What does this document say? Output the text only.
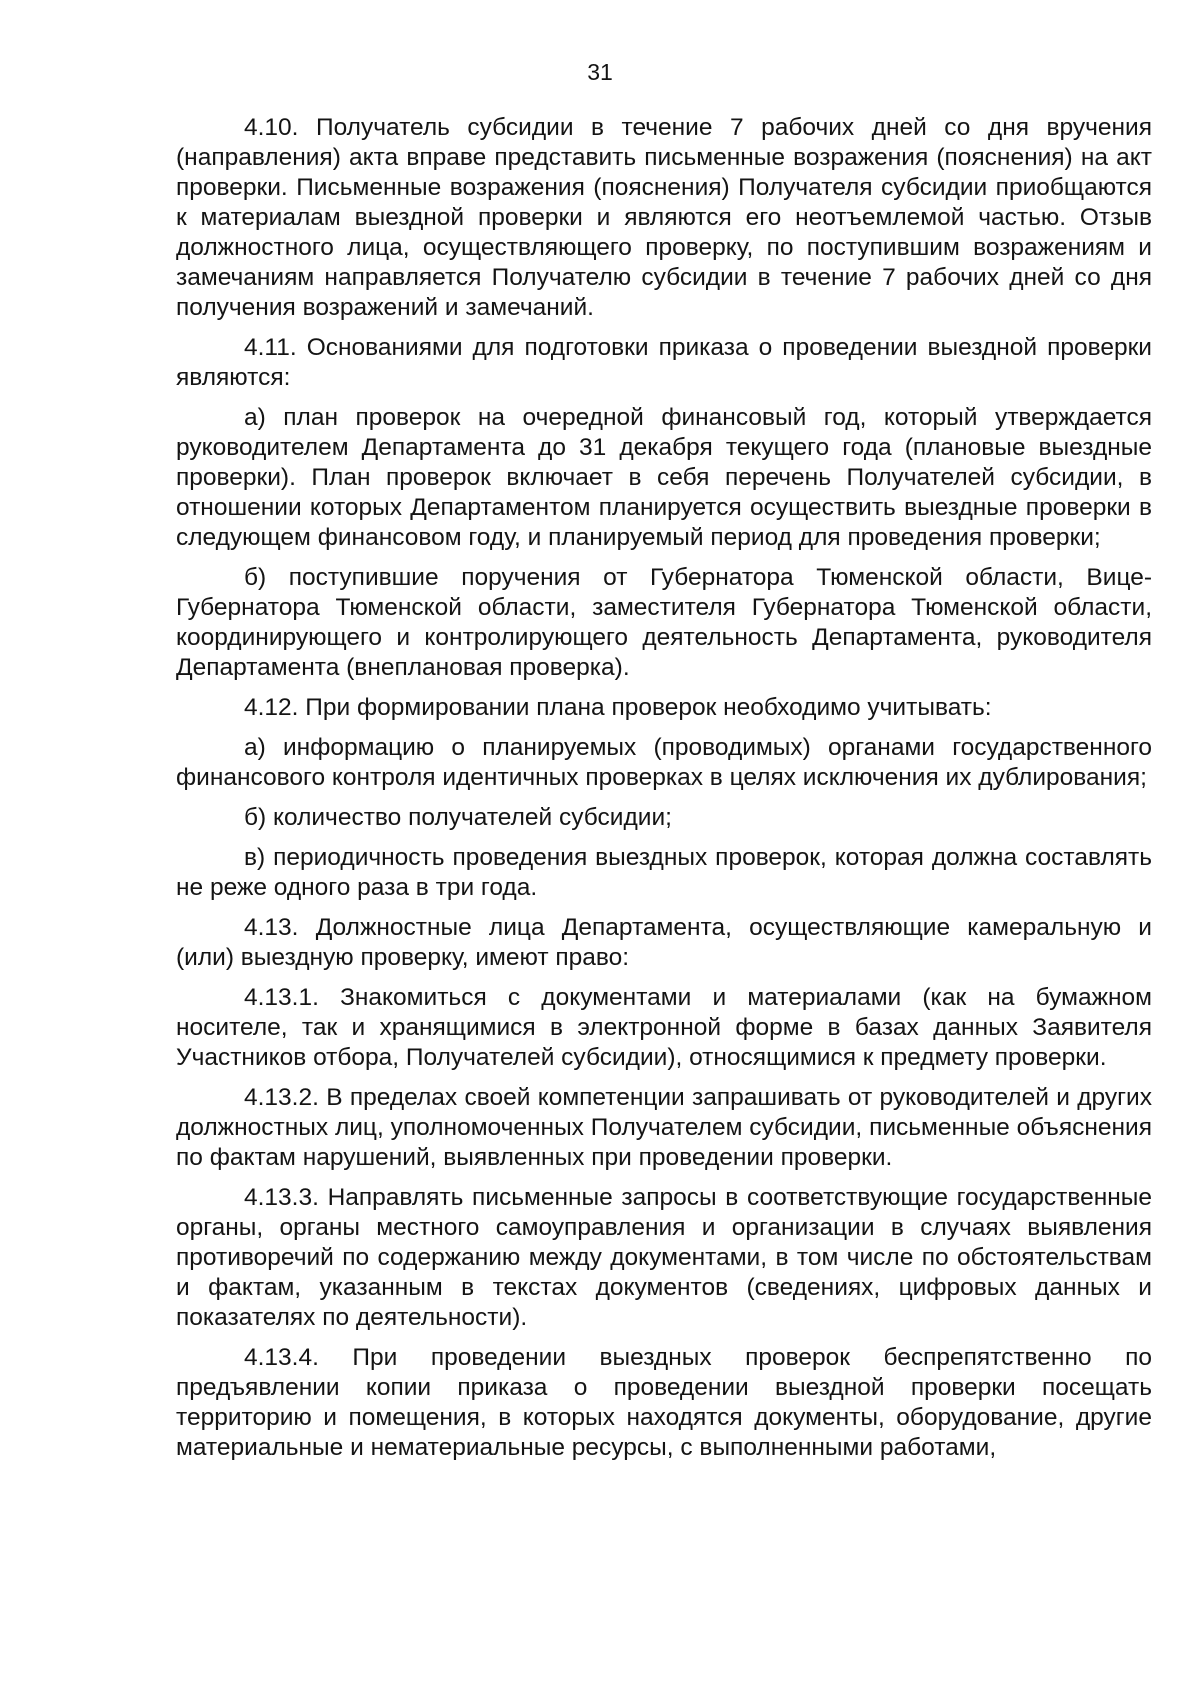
31

4.10. Получатель субсидии в течение 7 рабочих дней со дня вручения (направления) акта вправе представить письменные возражения (пояснения) на акт проверки. Письменные возражения (пояснения) Получателя субсидии приобщаются к материалам выездной проверки и являются его неотъемлемой частью. Отзыв должностного лица, осуществляющего проверку, по поступившим возражениям и замечаниям направляется Получателю субсидии в течение 7 рабочих дней со дня получения возражений и замечаний.

4.11. Основаниями для подготовки приказа о проведении выездной проверки являются:

а) план проверок на очередной финансовый год, который утверждается руководителем Департамента до 31 декабря текущего года (плановые выездные проверки). План проверок включает в себя перечень Получателей субсидии, в отношении которых Департаментом планируется осуществить выездные проверки в следующем финансовом году, и планируемый период для проведения проверки;

б) поступившие поручения от Губернатора Тюменской области, Вице-Губернатора Тюменской области, заместителя Губернатора Тюменской области, координирующего и контролирующего деятельность Департамента, руководителя Департамента (внеплановая проверка).

4.12. При формировании плана проверок необходимо учитывать:

а) информацию о планируемых (проводимых) органами государственного финансового контроля идентичных проверках в целях исключения их дублирования;

б) количество получателей субсидии;

в) периодичность проведения выездных проверок, которая должна составлять не реже одного раза в три года.

4.13. Должностные лица Департамента, осуществляющие камеральную и (или) выездную проверку, имеют право:

4.13.1. Знакомиться с документами и материалами (как на бумажном носителе, так и хранящимися в электронной форме в базах данных Заявителя Участников отбора, Получателей субсидии), относящимися к предмету проверки.

4.13.2. В пределах своей компетенции запрашивать от руководителей и других должностных лиц, уполномоченных Получателем субсидии, письменные объяснения по фактам нарушений, выявленных при проведении проверки.

4.13.3. Направлять письменные запросы в соответствующие государственные органы, органы местного самоуправления и организации в случаях выявления противоречий по содержанию между документами, в том числе по обстоятельствам и фактам, указанным в текстах документов (сведениях, цифровых данных и показателях по деятельности).

4.13.4. При проведении выездных проверок беспрепятственно по предъявлении копии приказа о проведении выездной проверки посещать территорию и помещения, в которых находятся документы, оборудование, другие материальные и нематериальные ресурсы, с выполненными работами,
